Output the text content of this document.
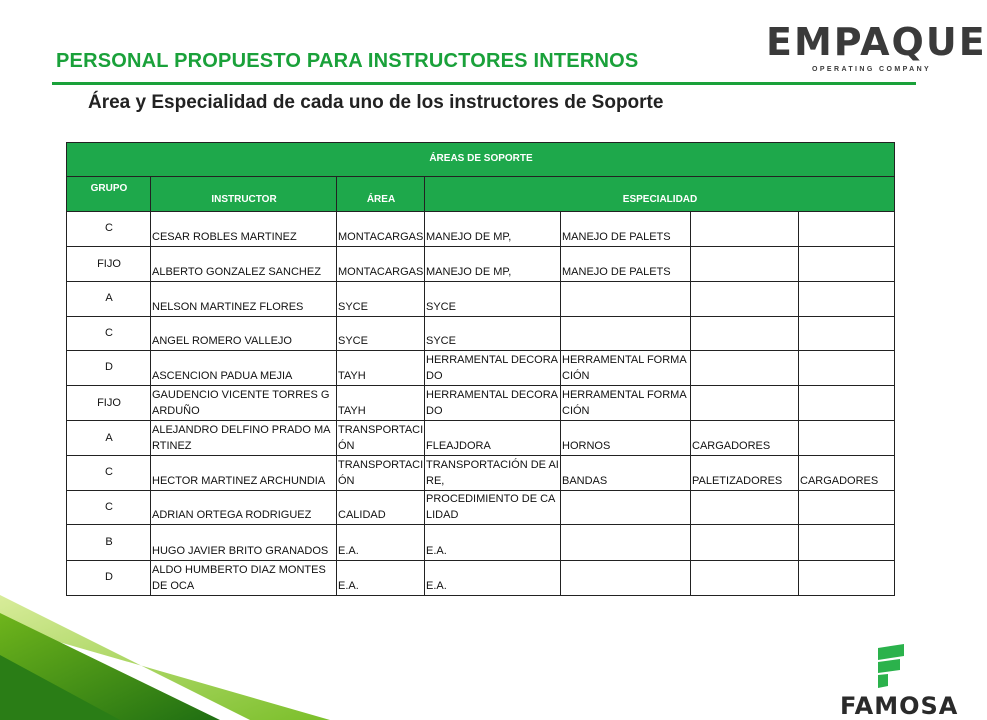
PERSONAL PROPUESTO PARA INSTRUCTORES INTERNOS
Área y Especialidad de cada uno de los instructores de Soporte
EMPAQUE
OPERATING COMPANY
ÁREAS DE SOPORTE							
GRUPO	INSTRUCTOR	ÁREA	ESPECIALIDAD				
C	CESAR ROBLES MARTINEZ	MONTACARGAS	MANEJO DE MP,	MANEJO DE PALETS			
FIJO	ALBERTO GONZALEZ SANCHEZ	MONTACARGAS	MANEJO DE MP,	MANEJO DE PALETS			
A	NELSON MARTINEZ FLORES	SYCE	SYCE				
C	ANGEL ROMERO VALLEJO	SYCE	SYCE				
D	ASCENCION PADUA MEJIA	TAYH	HERRAMENTAL DECORADO	HERRAMENTAL FORMACIÓN			
FIJO	GAUDENCIO VICENTE TORRES GARDUÑO	TAYH	HERRAMENTAL DECORADO	HERRAMENTAL FORMACIÓN			
A	ALEJANDRO DELFINO PRADO MARTINEZ	TRANSPORTACIÓN	FLEAJDORA	HORNOS	CARGADORES		
C	HECTOR MARTINEZ ARCHUNDIA	TRANSPORTACIÓN	TRANSPORTACIÓN DE AIRE,	BANDAS	PALETIZADORES	CARGADORES	
C	ADRIAN ORTEGA RODRIGUEZ	CALIDAD	PROCEDIMIENTO DE CALIDAD				
B	HUGO JAVIER BRITO GRANADOS	E.A.	E.A.				
D	ALDO HUMBERTO DIAZ MONTES DE OCA	E.A.	E.A.				
FAMOSA
